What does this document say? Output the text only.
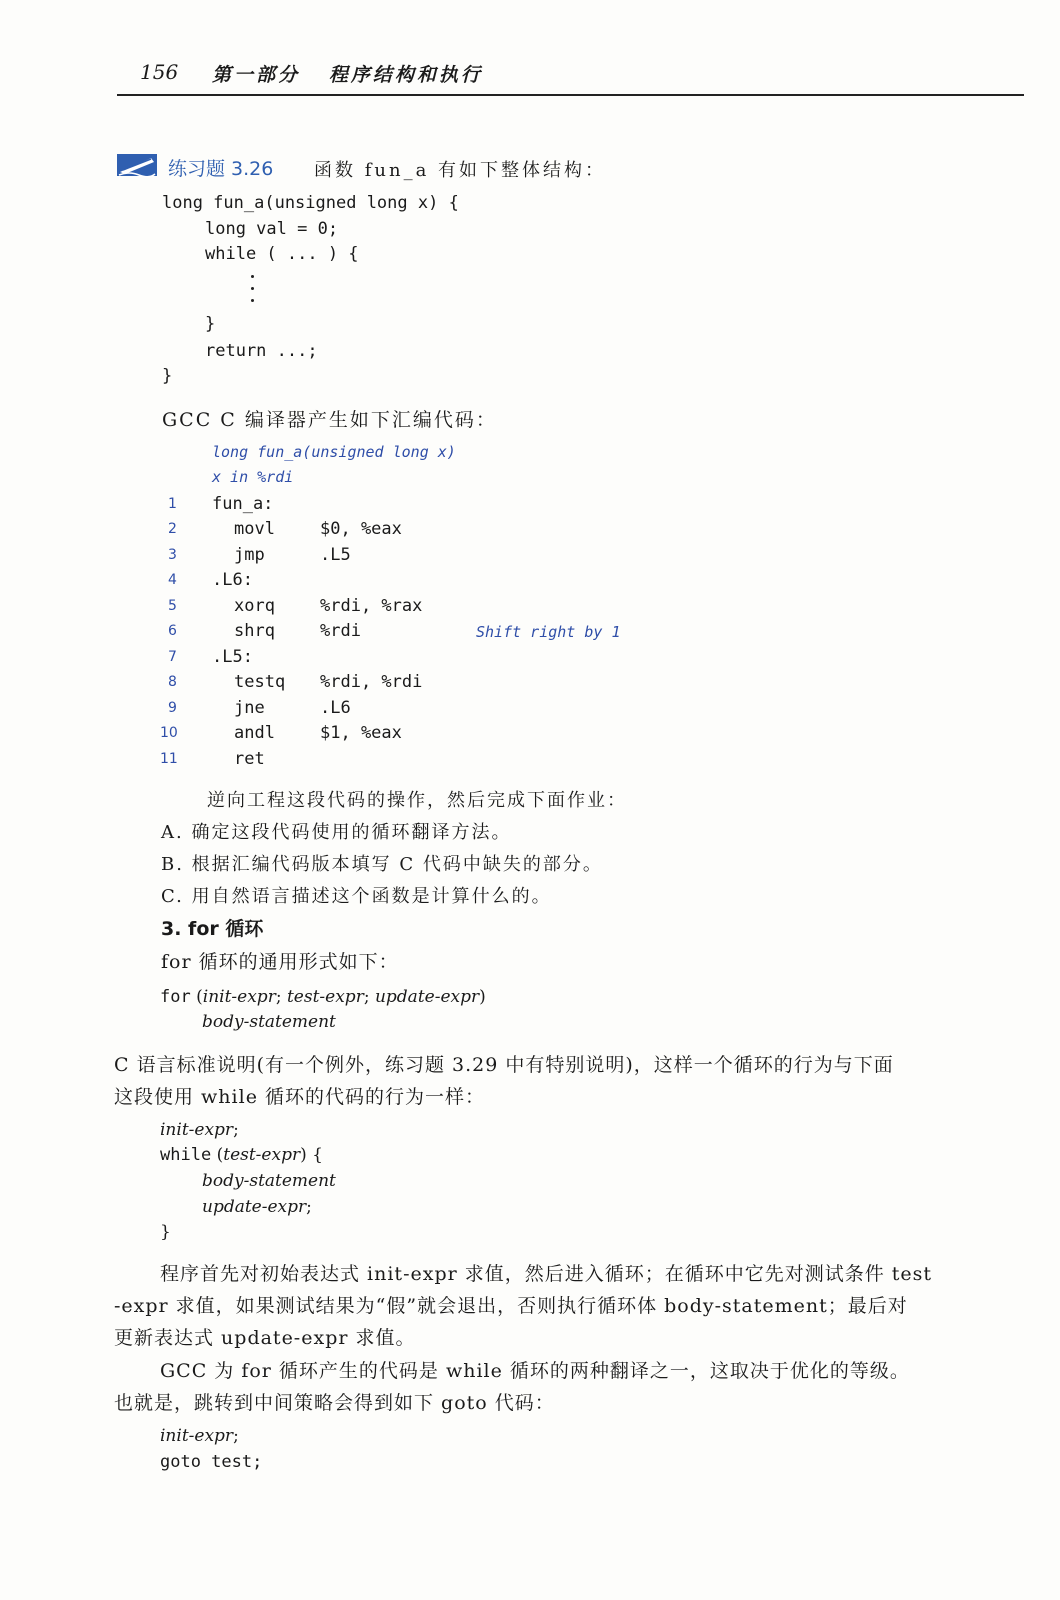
156 第一部分   程序结构和执行
练习题 3.26 函数 fun_a 有如下整体结构：
long fun_a(unsigned long x) {
long val = 0;
while ( ... ) {
}
return ...;
}
GCC C 编译器产生如下汇编代码：
long fun_a(unsigned long x)
x in %rdi
1 fun_a:
2	movl	$0, %eax
3	jmp	.L5
4 .L6:
5	xorq	%rdi, %rax
6	shrq	%rdi	Shift right by 1
7 .L5:
8	testq %rdi, %rdi
9	jne	.L6
10	andl	$1, %eax
11	ret
逆向工程这段代码的操作，然后完成下面作业：
A. 确定这段代码使用的循环翻译方法。
B. 根据汇编代码版本填写 C 代码中缺失的部分。
C. 用自然语言描述这个函数是计算什么的。
3. for 循环
for 循环的通用形式如下：
for (init-expr; test-expr; update-expr)
body-statement
C 语言标准说明(有一个例外，练习题 3.29 中有特别说明)，这样一个循环的行为与下面
这段使用 while 循环的代码的行为一样：
init-expr;
while (test-expr) {
body-statement
update-expr;
}
程序首先对初始表达式 init-expr 求值，然后进入循环；在循环中它先对测试条件 test
-expr 求值，如果测试结果为“假”就会退出，否则执行循环体 body-statement；最后对
更新表达式 update-expr 求值。
GCC 为 for 循环产生的代码是 while 循环的两种翻译之一，这取决于优化的等级。
也就是，跳转到中间策略会得到如下 goto 代码：
init-expr;
goto test;
